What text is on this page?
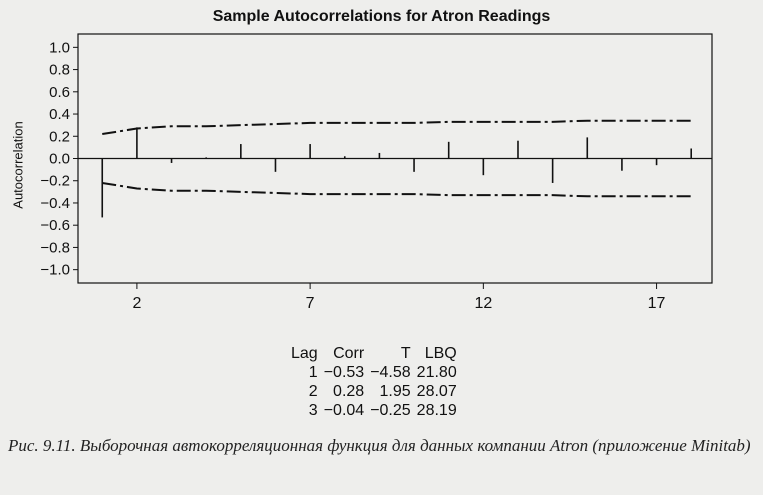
Sample Autocorrelations for Atron Readings
Autocorrelation
1.0
0.8
0.6
0.4
0.2
0.0
−0.2
−0.4
−0.6
−0.8
−1.0
2	7	12	17
Lag	Corr	T	LBQ
1	−0.53	−4.58	21.80
2	0.28	1.95	28.07
3	−0.04	−0.25	28.19
Рис. 9.11. Выборочная автокорреляционная функция для данных компании Atron (приложение Minitab)
